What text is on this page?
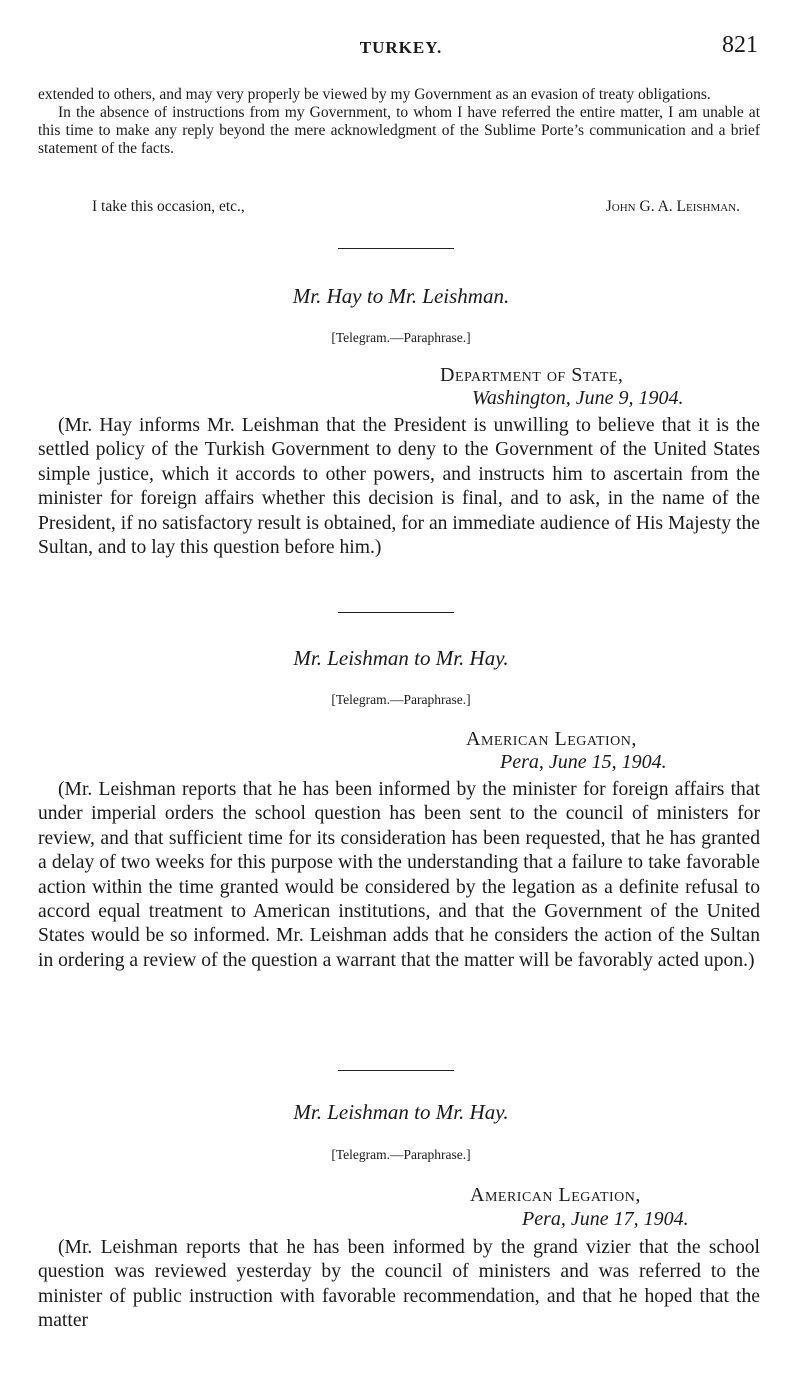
TURKEY.	821

extended to others, and may very properly be viewed by my Government as an evasion of treaty obligations.

In the absence of instructions from my Government, to whom I have referred the entire matter, I am unable at this time to make any reply beyond the mere acknowledgment of the Sublime Porte’s communication and a brief statement of the facts.

I take this occasion, etc.,	John G. A. Leishman.
Mr. Hay to Mr. Leishman.
[Telegram.—Paraphrase.]
Department of State,
Washington, June 9, 1904.

(Mr. Hay informs Mr. Leishman that the President is unwilling to believe that it is the settled policy of the Turkish Government to deny to the Government of the United States simple justice, which it accords to other powers, and instructs him to ascertain from the minister for foreign affairs whether this decision is final, and to ask, in the name of the President, if no satisfactory result is obtained, for an immediate audience of His Majesty the Sultan, and to lay this question before him.)

Mr. Leishman to Mr. Hay.
[Telegram.—Paraphrase.]
American Legation,
Pera, June 15, 1904.

(Mr. Leishman reports that he has been informed by the minister for foreign affairs that under imperial orders the school question has been sent to the council of ministers for review, and that sufficient time for its consideration has been requested, that he has granted a delay of two weeks for this purpose with the understanding that a failure to take favorable action within the time granted would be considered by the legation as a definite refusal to accord equal treatment to American institutions, and that the Government of the United States would be so informed. Mr. Leishman adds that he considers the action of the Sultan in ordering a review of the question a warrant that the matter will be favorably acted upon.)

Mr. Leishman to Mr. Hay.
[Telegram.—Paraphrase.]
American Legation,
Pera, June 17, 1904.

(Mr. Leishman reports that he has been informed by the grand vizier that the school question was reviewed yesterday by the council of ministers and was referred to the minister of public instruction with favorable recommendation, and that he hoped that the matter
